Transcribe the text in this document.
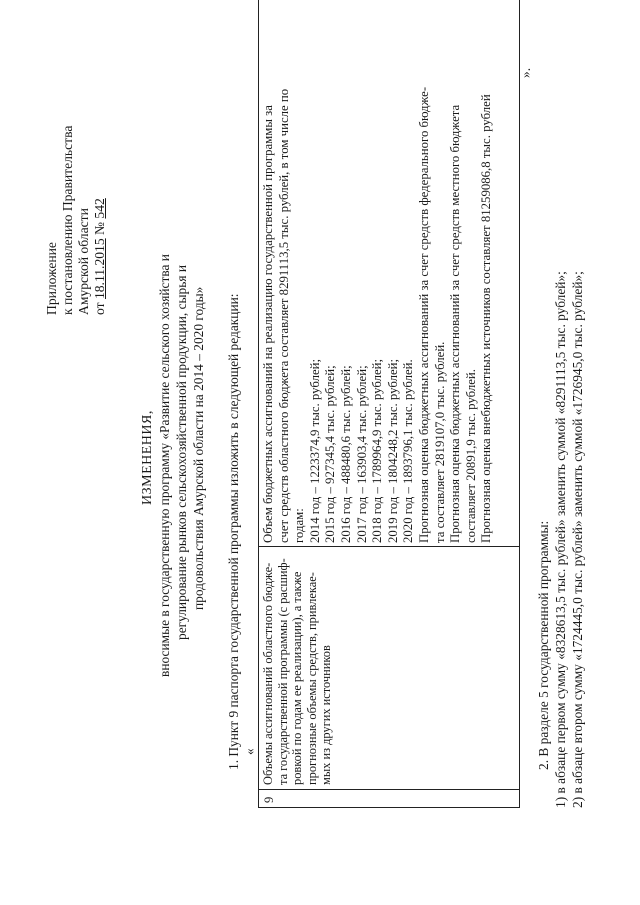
Приложение к постановлению Правительства Амурской области от 18.11.2015 № 542
ИЗМЕНЕНИЯ, вносимые в государственную программу «Развитие сельского хозяйства и регулирование рынков сельскохозяйственной продукции, сырья и продовольствия Амурской области на 2014 – 2020 годы» 1. Пункт 9 паспорта государственной программы изложить в следующей редакции: «
9
Объемы ассигнований областного бюдже- та государственной программы (с расшиф- ровкой по годам ее реализации), а также прогнозные объемы средств, привлекае- мых из других источников
Объем бюджетных ассигнований на реализацию государственной программы за счет средств областного бюджета составляет 8291113,5 тыс. рублей, в том числе по годам: 2014 год – 1223374,9 тыс. рублей; 2015 год – 927345,4 тыс. рублей; 2016 год – 488480,6 тыс. рублей; 2017 год – 163903,4 тыс. рублей; 2018 год – 1789964,9 тыс. рублей; 2019 год – 1804248,2 тыс. рублей; 2020 год – 1893796,1 тыс. рублей. Прогнозная оценка бюджетных ассигнований за счет средств федерального бюдже- та составляет 2819107,0 тыс. рублей. Прогнозная оценка бюджетных ассигнований за счет средств местного бюджета составляет 20891,9 тыс. рублей. Прогнозная оценка внебюджетных источников составляет 81259086,8 тыс. рублей
».
2. В разделе 5 государственной программы: 1) в абзаце первом сумму «8328613,5 тыс. рублей» заменить суммой «8291113,5 тыс. рублей»; 2) в абзаце втором сумму «1724445,0 тыс. рублей» заменить суммой «1726945,0 тыс. рублей»;
